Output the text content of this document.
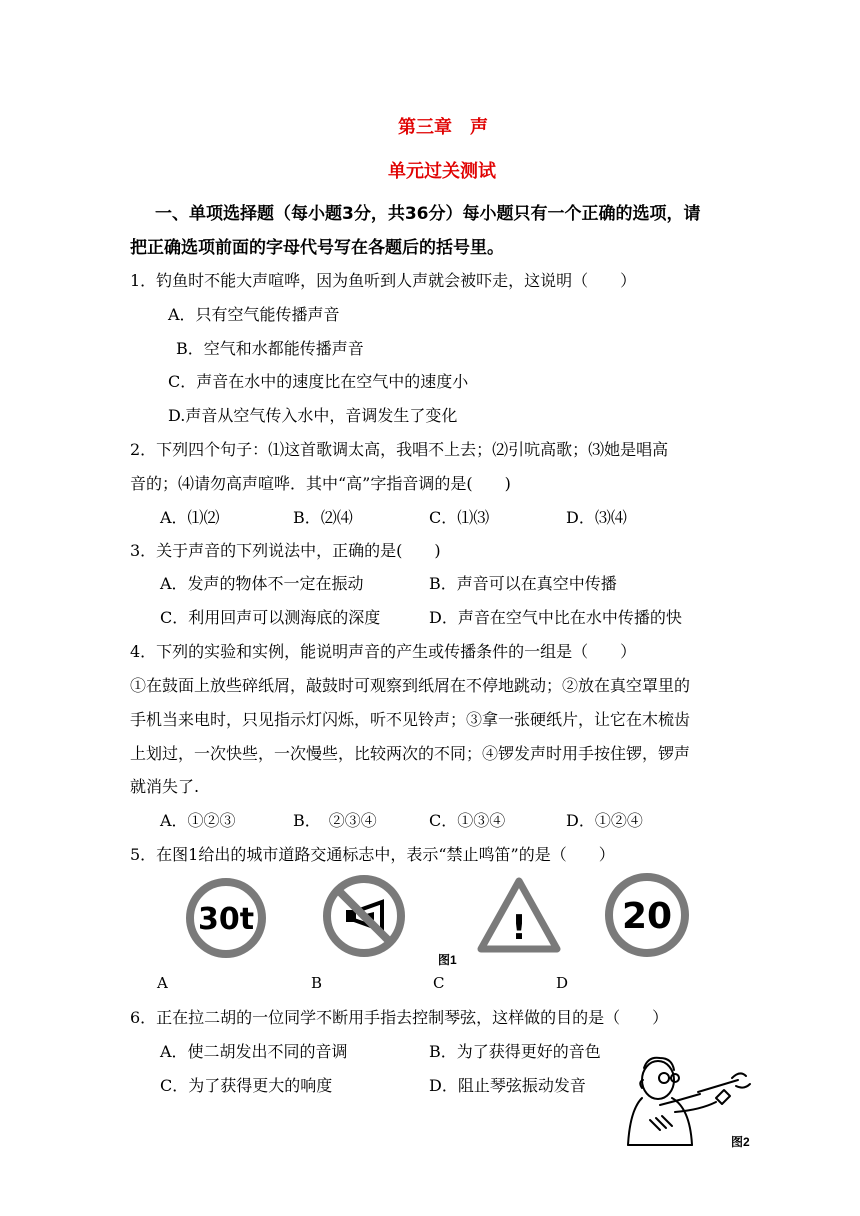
第三章　声
单元过关测试
一、单项选择题（每小题3分，共36分）每小题只有一个正确的选项，请
把正确选项前面的字母代号写在各题后的括号里。
1．钓鱼时不能大声喧哗，因为鱼听到人声就会被吓走，这说明（　　）
A．只有空气能传播声音
B．空气和水都能传播声音
C．声音在水中的速度比在空气中的速度小
D.声音从空气传入水中，音调发生了变化
2．下列四个句子：⑴这首歌调太高，我唱不上去；⑵引吭高歌；⑶她是唱高
音的；⑷请勿高声喧哗．其中“高”字指音调的是(　　)
A．⑴⑵	B．⑵⑷	C．⑴⑶	D．⑶⑷
3．关于声音的下列说法中，正确的是(　　)
A．发声的物体不一定在振动	B．声音可以在真空中传播
C．利用回声可以测海底的深度	D．声音在空气中比在水中传播的快
4．下列的实验和实例，能说明声音的产生或传播条件的一组是（　　）
①在鼓面上放些碎纸屑，敲鼓时可观察到纸屑在不停地跳动；②放在真空罩里的
手机当来电时，只见指示灯闪烁，听不见铃声；③拿一张硬纸片，让它在木梳齿
上划过，一次快些，一次慢些，比较两次的不同；④锣发声时用手按住锣，锣声
就消失了.
A．①②③	B．　②③④	C．①③④	D．①②④
5．在图1给出的城市道路交通标志中，表示“禁止鸣笛”的是（　　）
30t	!	20
图1
A	B	C	D
6．正在拉二胡的一位同学不断用手指去控制琴弦，这样做的目的是（　　）
A．使二胡发出不同的音调	B．为了获得更好的音色
C．为了获得更大的响度	D．阻止琴弦振动发音
图2
